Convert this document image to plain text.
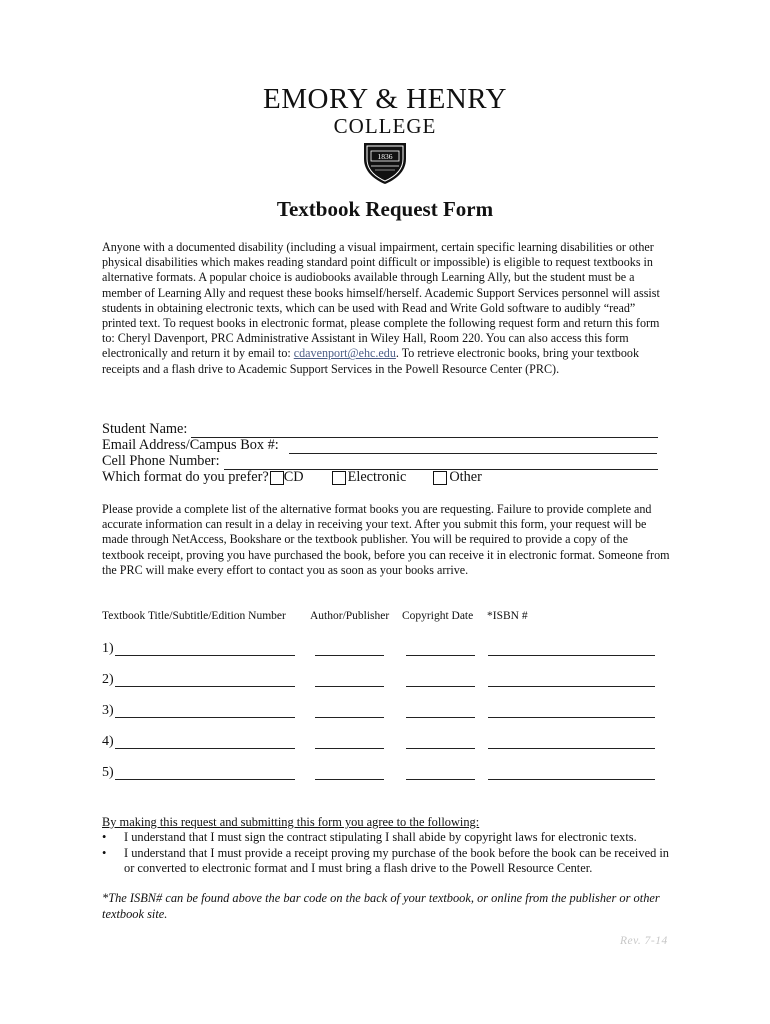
EMORY & HENRY
COLLEGE
1836
Textbook Request Form
Anyone with a documented disability (including a visual impairment, certain specific learning disabilities or other physical disabilities which makes reading standard point difficult or impossible) is eligible to request textbooks in alternative formats. A popular choice is audiobooks available through Learning Ally, but the student must be a member of Learning Ally and request these books himself/herself. Academic Support Services personnel will assist students in obtaining electronic texts, which can be used with Read and Write Gold software to audibly “read” printed text. To request books in electronic format, please complete the following request form and return this form to: Cheryl Davenport, PRC Administrative Assistant in Wiley Hall, Room 220. You can also access this form electronically and return it by email to: cdavenport@ehc.edu. To retrieve electronic books, bring your textbook receipts and a flash drive to Academic Support Services in the Powell Resource Center (PRC).
Student Name:
Email Address/Campus Box #:
Cell Phone Number:
Which format do you prefer? CD	Electronic	Other
Please provide a complete list of the alternative format books you are requesting. Failure to provide complete and accurate information can result in a delay in receiving your text. After you submit this form, your request will be made through NetAccess, Bookshare or the textbook publisher. You will be required to provide a copy of the textbook receipt, proving you have purchased the book, before you can receive it in electronic format. Someone from the PRC will make every effort to contact you as soon as your books arrive.
Textbook Title/Subtitle/Edition Number Author/Publisher Copyright Date *ISBN #
1)
2)
3)
4)
5)
By making this request and submitting this form you agree to the following:
• I understand that I must sign the contract stipulating I shall abide by copyright laws for electronic texts.
• I understand that I must provide a receipt proving my purchase of the book before the book can be received in or converted to electronic format and I must bring a flash drive to the Powell Resource Center.
*The ISBN# can be found above the bar code on the back of your textbook, or online from the publisher or other textbook site.
Rev. 7-14
